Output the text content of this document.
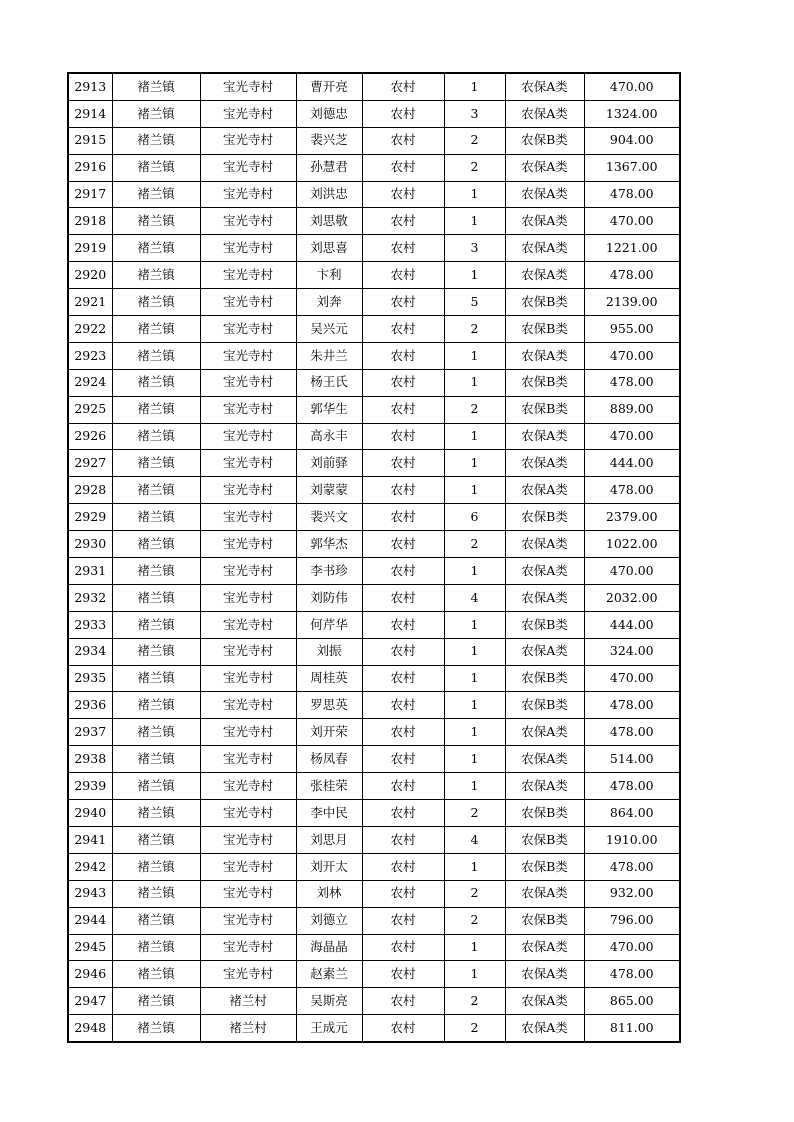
2913	褚兰镇	宝光寺村	曹开亮	农村	1	农保A类	470.00
2914	褚兰镇	宝光寺村	刘德忠	农村	3	农保A类	1324.00
2915	褚兰镇	宝光寺村	裴兴芝	农村	2	农保B类	904.00
2916	褚兰镇	宝光寺村	孙慧君	农村	2	农保A类	1367.00
2917	褚兰镇	宝光寺村	刘洪忠	农村	1	农保A类	478.00
2918	褚兰镇	宝光寺村	刘思敬	农村	1	农保A类	470.00
2919	褚兰镇	宝光寺村	刘思喜	农村	3	农保A类	1221.00
2920	褚兰镇	宝光寺村	卞利	农村	1	农保A类	478.00
2921	褚兰镇	宝光寺村	刘奔	农村	5	农保B类	2139.00
2922	褚兰镇	宝光寺村	吴兴元	农村	2	农保B类	955.00
2923	褚兰镇	宝光寺村	朱井兰	农村	1	农保A类	470.00
2924	褚兰镇	宝光寺村	杨王氏	农村	1	农保B类	478.00
2925	褚兰镇	宝光寺村	郭华生	农村	2	农保B类	889.00
2926	褚兰镇	宝光寺村	高永丰	农村	1	农保A类	470.00
2927	褚兰镇	宝光寺村	刘前驿	农村	1	农保A类	444.00
2928	褚兰镇	宝光寺村	刘蒙蒙	农村	1	农保A类	478.00
2929	褚兰镇	宝光寺村	裴兴文	农村	6	农保B类	2379.00
2930	褚兰镇	宝光寺村	郭华杰	农村	2	农保A类	1022.00
2931	褚兰镇	宝光寺村	李书珍	农村	1	农保A类	470.00
2932	褚兰镇	宝光寺村	刘防伟	农村	4	农保A类	2032.00
2933	褚兰镇	宝光寺村	何芹华	农村	1	农保B类	444.00
2934	褚兰镇	宝光寺村	刘振	农村	1	农保A类	324.00
2935	褚兰镇	宝光寺村	周桂英	农村	1	农保B类	470.00
2936	褚兰镇	宝光寺村	罗思英	农村	1	农保B类	478.00
2937	褚兰镇	宝光寺村	刘开荣	农村	1	农保A类	478.00
2938	褚兰镇	宝光寺村	杨凤春	农村	1	农保A类	514.00
2939	褚兰镇	宝光寺村	张桂荣	农村	1	农保A类	478.00
2940	褚兰镇	宝光寺村	李中民	农村	2	农保B类	864.00
2941	褚兰镇	宝光寺村	刘思月	农村	4	农保B类	1910.00
2942	褚兰镇	宝光寺村	刘开太	农村	1	农保B类	478.00
2943	褚兰镇	宝光寺村	刘林	农村	2	农保A类	932.00
2944	褚兰镇	宝光寺村	刘德立	农村	2	农保B类	796.00
2945	褚兰镇	宝光寺村	海晶晶	农村	1	农保A类	470.00
2946	褚兰镇	宝光寺村	赵素兰	农村	1	农保A类	478.00
2947	褚兰镇	褚兰村	吴斯亮	农村	2	农保A类	865.00
2948	褚兰镇	褚兰村	王成元	农村	2	农保A类	811.00
